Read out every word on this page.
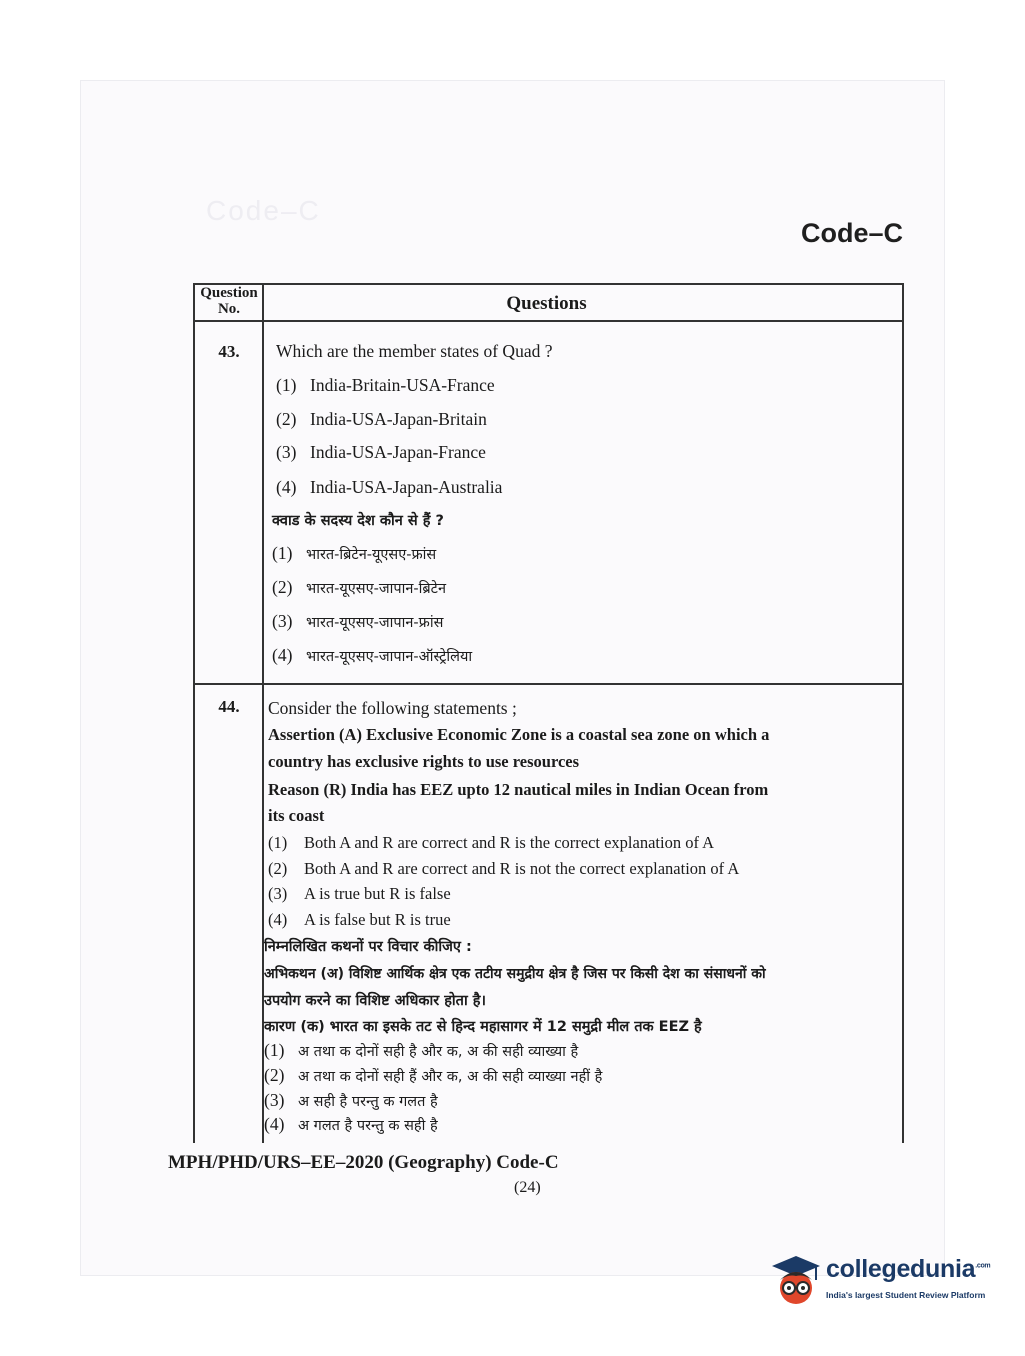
Code–C
Code–C
Question No.	Questions
43.	Which are the member states of Quad ?
(1) India-Britain-USA-France
(2) India-USA-Japan-Britain
(3) India-USA-Japan-France
(4) India-USA-Japan-Australia
क्वाड के सदस्य देश कौन से हैं ?
(1) भारत-ब्रिटेन-यूएसए-फ्रांस
(2) भारत-यूएसए-जापान-ब्रिटेन
(3) भारत-यूएसए-जापान-फ्रांस
(4) भारत-यूएसए-जापान-ऑस्ट्रेलिया
44.	Consider the following statements ;
Assertion (A) Exclusive Economic Zone is a coastal sea zone on which a
country has exclusive rights to use resources
Reason (R) India has EEZ upto 12 nautical miles in Indian Ocean from
its coast
(1) Both A and R are correct and R is the correct explanation of A
(2) Both A and R are correct and R is not the correct explanation of A
(3) A is true but R is false
(4) A is false but R is true
निम्नलिखित कथनों पर विचार कीजिए :
अभिकथन (अ) विशिष्ट आर्थिक क्षेत्र एक तटीय समुद्रीय क्षेत्र है जिस पर किसी देश का संसाधनों को
उपयोग करने का विशिष्ट अधिकार होता है।
कारण (क) भारत का इसके तट से हिन्द महासागर में 12 समुद्री मील तक EEZ है
(1) अ तथा क दोनों सही है और क, अ की सही व्याख्या है
(2) अ तथा क दोनों सही हैं और क, अ की सही व्याख्या नहीं है
(3) अ सही है परन्तु क गलत है
(4) अ गलत है परन्तु क सही है
MPH/PHD/URS–EE–2020 (Geography) Code-C
(24)
collegedunia$^{.com}$
India's largest Student Review Platform
